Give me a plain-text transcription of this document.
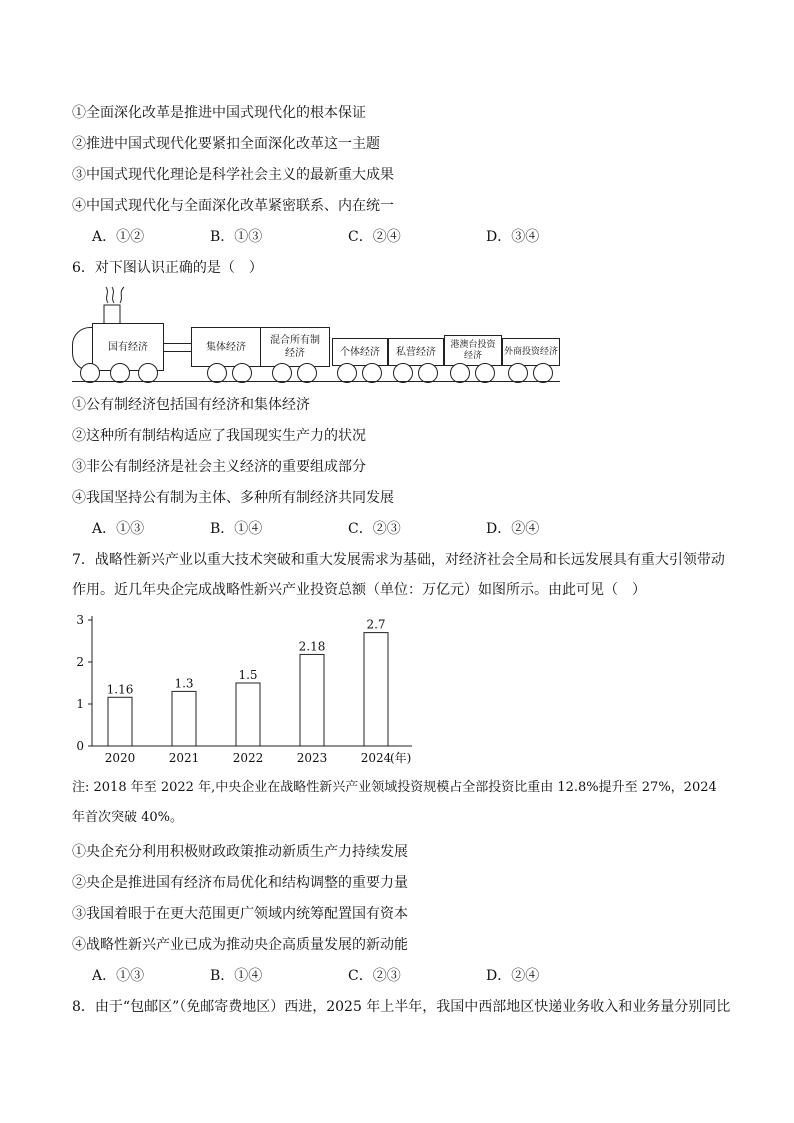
①全面深化改革是推进中国式现代化的根本保证
②推进中国式现代化要紧扣全面深化改革这一主题
③中国式现代化理论是科学社会主义的最新重大成果
④中国式现代化与全面深化改革紧密联系、内在统一
A．①②	B．①③	C．②④	D．③④
6．对下图认识正确的是（　）
国有经济	集体经济
混合所有制
经济	个体经济 私营经济
港澳台投资
经济 外商投资经济
①公有制经济包括国有经济和集体经济
②这种所有制结构适应了我国现实生产力的状况
③非公有制经济是社会主义经济的重要组成部分
④我国坚持公有制为主体、多种所有制经济共同发展
A．①③	B．①④	C．②③	D．②④
7．战略性新兴产业以重大技术突破和重大发展需求为基础，对经济社会全局和长远发展具有重大引领带动
作用。近几年央企完成战略性新兴产业投资总额（单位：万亿元）如图所示。由此可见（　）
0
1
2
3
1.16
2020
1.3
2021
1.5
2022
2.18
2023
2.7
2024
(年)
注: 2018 年至 2022 年,中央企业在战略性新兴产业领域投资规模占全部投资比重由 12.8%提升至 27%，2024
年首次突破 40%。
①央企充分利用积极财政政策推动新质生产力持续发展
②央企是推进国有经济布局优化和结构调整的重要力量
③我国着眼于在更大范围更广领域内统筹配置国有资本
④战略性新兴产业已成为推动央企高质量发展的新动能
A．①③	B．①④	C．②③	D．②④
8．由于“包邮区”（免邮寄费地区）西进，2025 年上半年，我国中西部地区快递业务收入和业务量分别同比
